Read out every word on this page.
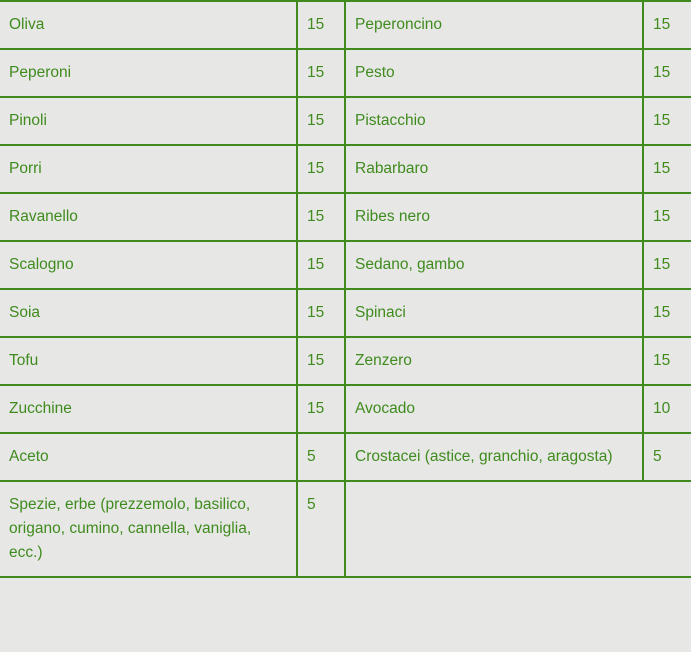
Oliva	15	Peperoncino	15
Peperoni	15	Pesto	15
Pinoli	15	Pistacchio	15
Porri	15	Rabarbaro	15
Ravanello	15	Ribes nero	15
Scalogno	15	Sedano, gambo	15
Soia	15	Spinaci	15
Tofu	15	Zenzero	15
Zucchine	15	Avocado	10
Aceto	5	Crostacei (astice, granchio, aragosta)	5
Spezie, erbe (prezzemolo, basilico, origano, cumino, cannella, vaniglia, ecc.)	5		
